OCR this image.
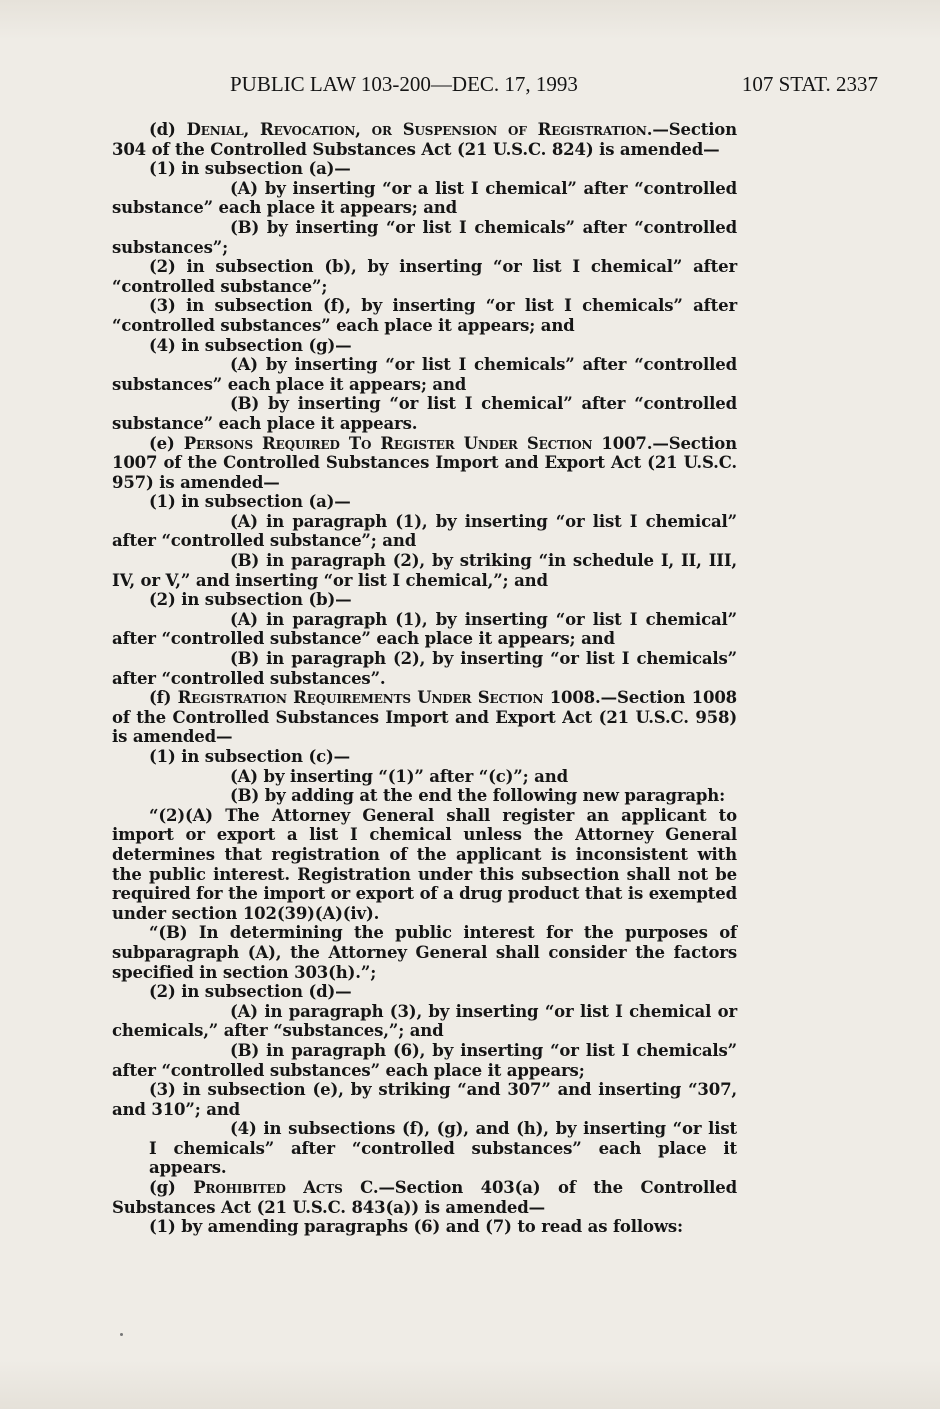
PUBLIC LAW 103-200—DEC. 17, 1993	107 STAT. 2337

(d) Denial, Revocation, or Suspension of Registration.—Section 304 of the Controlled Substances Act (21 U.S.C. 824) is amended—

(1) in subsection (a)—

(A) by inserting “or a list I chemical” after “controlled substance” each place it appears; and

(B) by inserting “or list I chemicals” after “controlled substances”;

(2) in subsection (b), by inserting “or list I chemical” after “controlled substance”;

(3) in subsection (f), by inserting “or list I chemicals” after “controlled substances” each place it appears; and

(4) in subsection (g)—

(A) by inserting “or list I chemicals” after “controlled substances” each place it appears; and

(B) by inserting “or list I chemical” after “controlled substance” each place it appears.

(e) Persons Required To Register Under Section 1007.—Section 1007 of the Controlled Substances Import and Export Act (21 U.S.C. 957) is amended—

(1) in subsection (a)—

(A) in paragraph (1), by inserting “or list I chemical” after “controlled substance”; and

(B) in paragraph (2), by striking “in schedule I, II, III, IV, or V,” and inserting “or list I chemical,”; and

(2) in subsection (b)—

(A) in paragraph (1), by inserting “or list I chemical” after “controlled substance” each place it appears; and

(B) in paragraph (2), by inserting “or list I chemicals” after “controlled substances”.

(f) Registration Requirements Under Section 1008.—Section 1008 of the Controlled Substances Import and Export Act (21 U.S.C. 958) is amended—

(1) in subsection (c)—

(A) by inserting “(1)” after “(c)”; and

(B) by adding at the end the following new paragraph:

“(2)(A) The Attorney General shall register an applicant to import or export a list I chemical unless the Attorney General determines that registration of the applicant is inconsistent with the public interest. Registration under this subsection shall not be required for the import or export of a drug product that is exempted under section 102(39)(A)(iv).

“(B) In determining the public interest for the purposes of subparagraph (A), the Attorney General shall consider the factors specified in section 303(h).”;

(2) in subsection (d)—

(A) in paragraph (3), by inserting “or list I chemical or chemicals,” after “substances,”; and

(B) in paragraph (6), by inserting “or list I chemicals” after “controlled substances” each place it appears;

(3) in subsection (e), by striking “and 307” and inserting “307, and 310”; and

(4) in subsections (f), (g), and (h), by inserting “or list I chemicals” after “controlled substances” each place it appears.

(g) Prohibited Acts C.—Section 403(a) of the Controlled Substances Act (21 U.S.C. 843(a)) is amended—

(1) by amending paragraphs (6) and (7) to read as follows:
